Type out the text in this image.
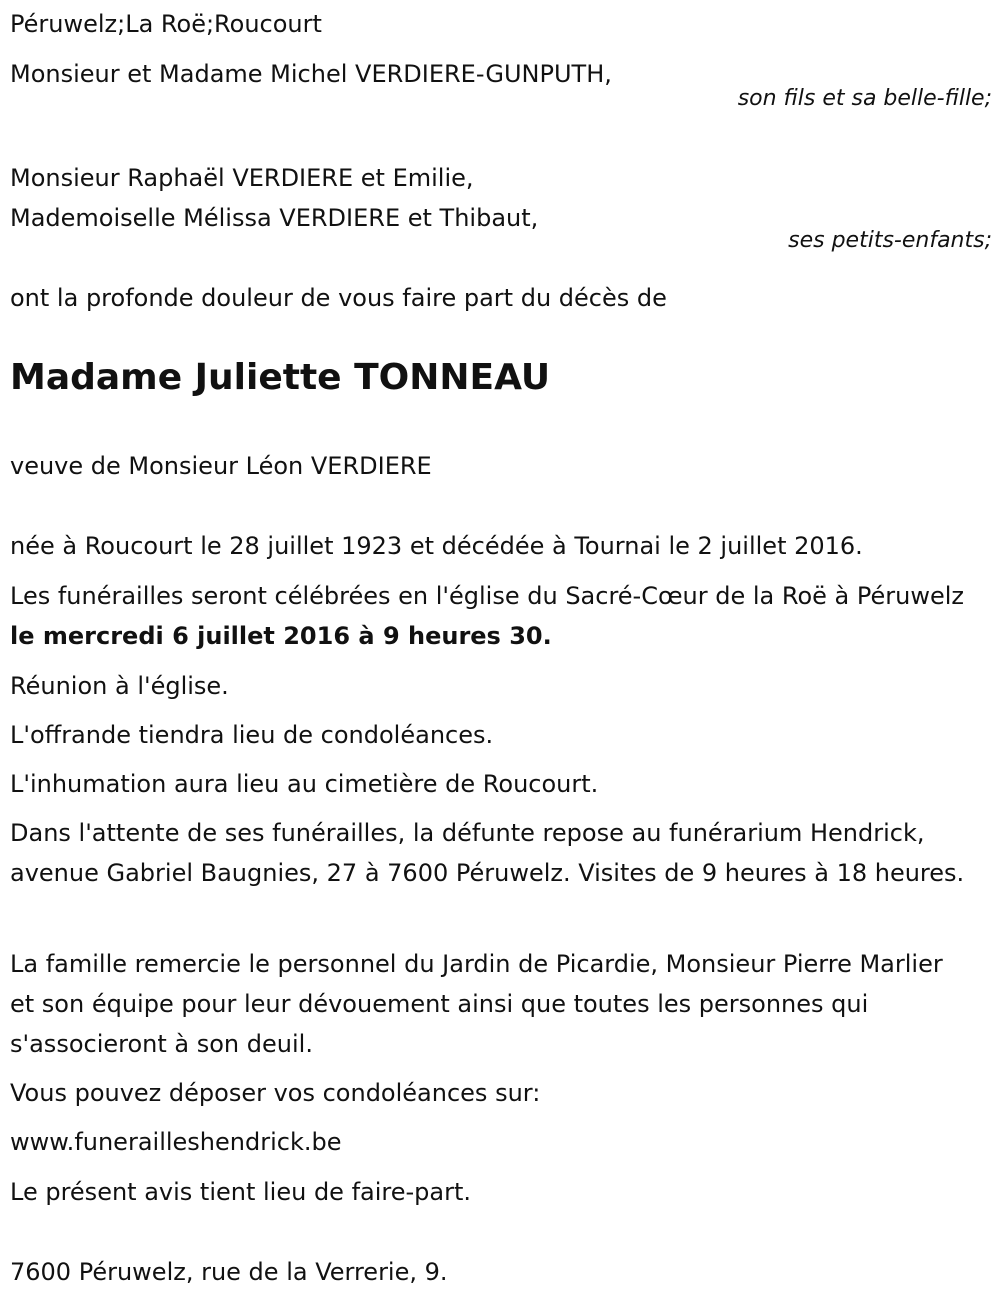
Péruwelz;La Roë;Roucourt
Monsieur et Madame Michel VERDIERE-GUNPUTH,
son fils et sa belle-fille;
Monsieur Raphaël VERDIERE et Emilie,
Mademoiselle Mélissa VERDIERE et Thibaut,
ses petits-enfants;
ont la profonde douleur de vous faire part du décès de
Madame Juliette TONNEAU
veuve de Monsieur Léon VERDIERE
née à Roucourt le 28 juillet 1923 et décédée à Tournai le 2 juillet 2016.
Les funérailles seront célébrées en l'église du Sacré-Cœur de la Roë à Péruwelz le mercredi 6 juillet 2016 à 9 heures 30.
Réunion à l'église.
L'offrande tiendra lieu de condoléances.
L'inhumation aura lieu au cimetière de Roucourt.
Dans l'attente de ses funérailles, la défunte repose au funérarium Hendrick, avenue Gabriel Baugnies, 27 à 7600 Péruwelz. Visites de 9 heures à 18 heures.
La famille remercie le personnel du Jardin de Picardie, Monsieur Pierre Marlier et son équipe pour leur dévouement ainsi que toutes les personnes qui s'associeront à son deuil.
Vous pouvez déposer vos condoléances sur:
www.funerailleshendrick.be
Le présent avis tient lieu de faire-part.
7600 Péruwelz, rue de la Verrerie, 9.
